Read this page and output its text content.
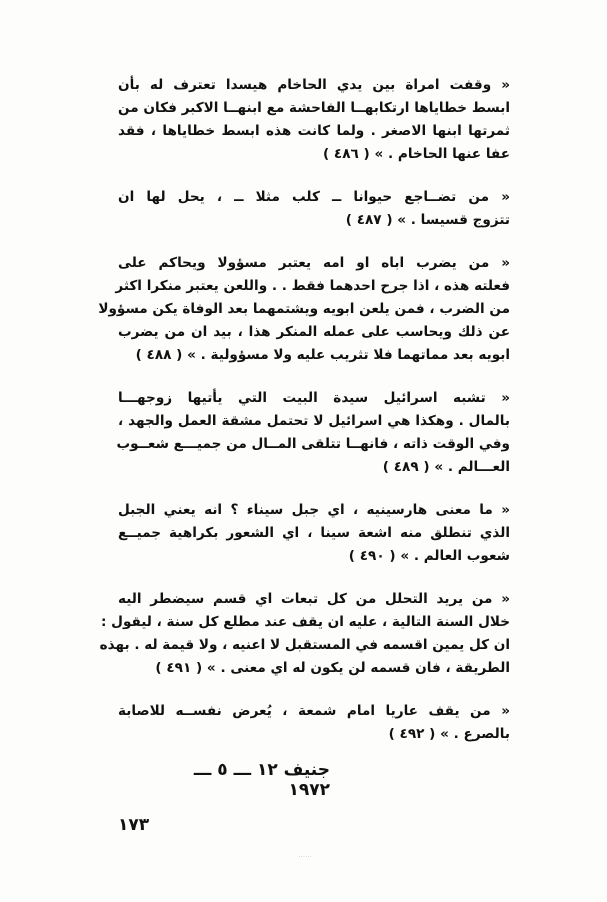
« وقفت امراة بين يدي الحاخام هيسدا تعترف له بأن
ابسط خطاياها ارتكابهــا الفاحشة مع ابنهــا الاكبر فكان من
ثمرتها ابنها الاصغر . ولما كانت هذه ابسط خطاياها ، فقد
عفا عنها الحاخام . » ( ٤٨٦ )

« من تضــاجع حيوانا ــ كلب مثلا ــ ، يحل لها ان
تتزوج قسيسا . » ( ٤٨٧ )

« من يضرب اباه او امه يعتبر مسؤولا ويحاكم على
فعلته هذه ، اذا جرح احدهما فقط . . واللعن يعتبر منكرا اكثر
من الضرب ، فمن يلعن ابويه ويشتمهما بعد الوفاة يكن مسؤولا
عن ذلك ويحاسب على عمله المنكر هذا ، بيد ان من يضرب
ابويه بعد مماتهما فلا تثريب عليه ولا مسؤولية . » ( ٤٨٨ )

« تشبه اسرائيل سيدة البيت التي يأتيها زوجهـــا
بالمال . وهكذا هي اسرائيل لا تحتمل مشقة العمل والجهد ،
وفي الوقت ذاته ، فانهــا تتلقى المــال من جميـــع شعــوب
العـــالم . » ( ٤٨٩ )

« ما معنى هارسينيه ، اي جبل سيناء ؟ انه يعني الجبل
الذي تنطلق منه اشعة سينا ، اي الشعور بكراهية جميــع
شعوب العالم . » ( ٤٩٠ )

« من يريد التحلل من كل تبعات اي قسم سيضطر اليه
خلال السنة التالية ، عليه ان يقف عند مطلع كل سنة ، ليقول :
ان كل يمين اقسمه في المستقبل لا اعنيه ، ولا قيمة له . بهذه
الطريقة ، فان قسمه لن يكون له اي معنى . » ( ٤٩١ )

« من يقف عاريا امام شمعة ، يُعرض نفســه للاصابة
بالصرع . » ( ٤٩٢ )

جنيف ١٢ ـــ ٥ ـــ ١٩٧٢
١٧٣
······
